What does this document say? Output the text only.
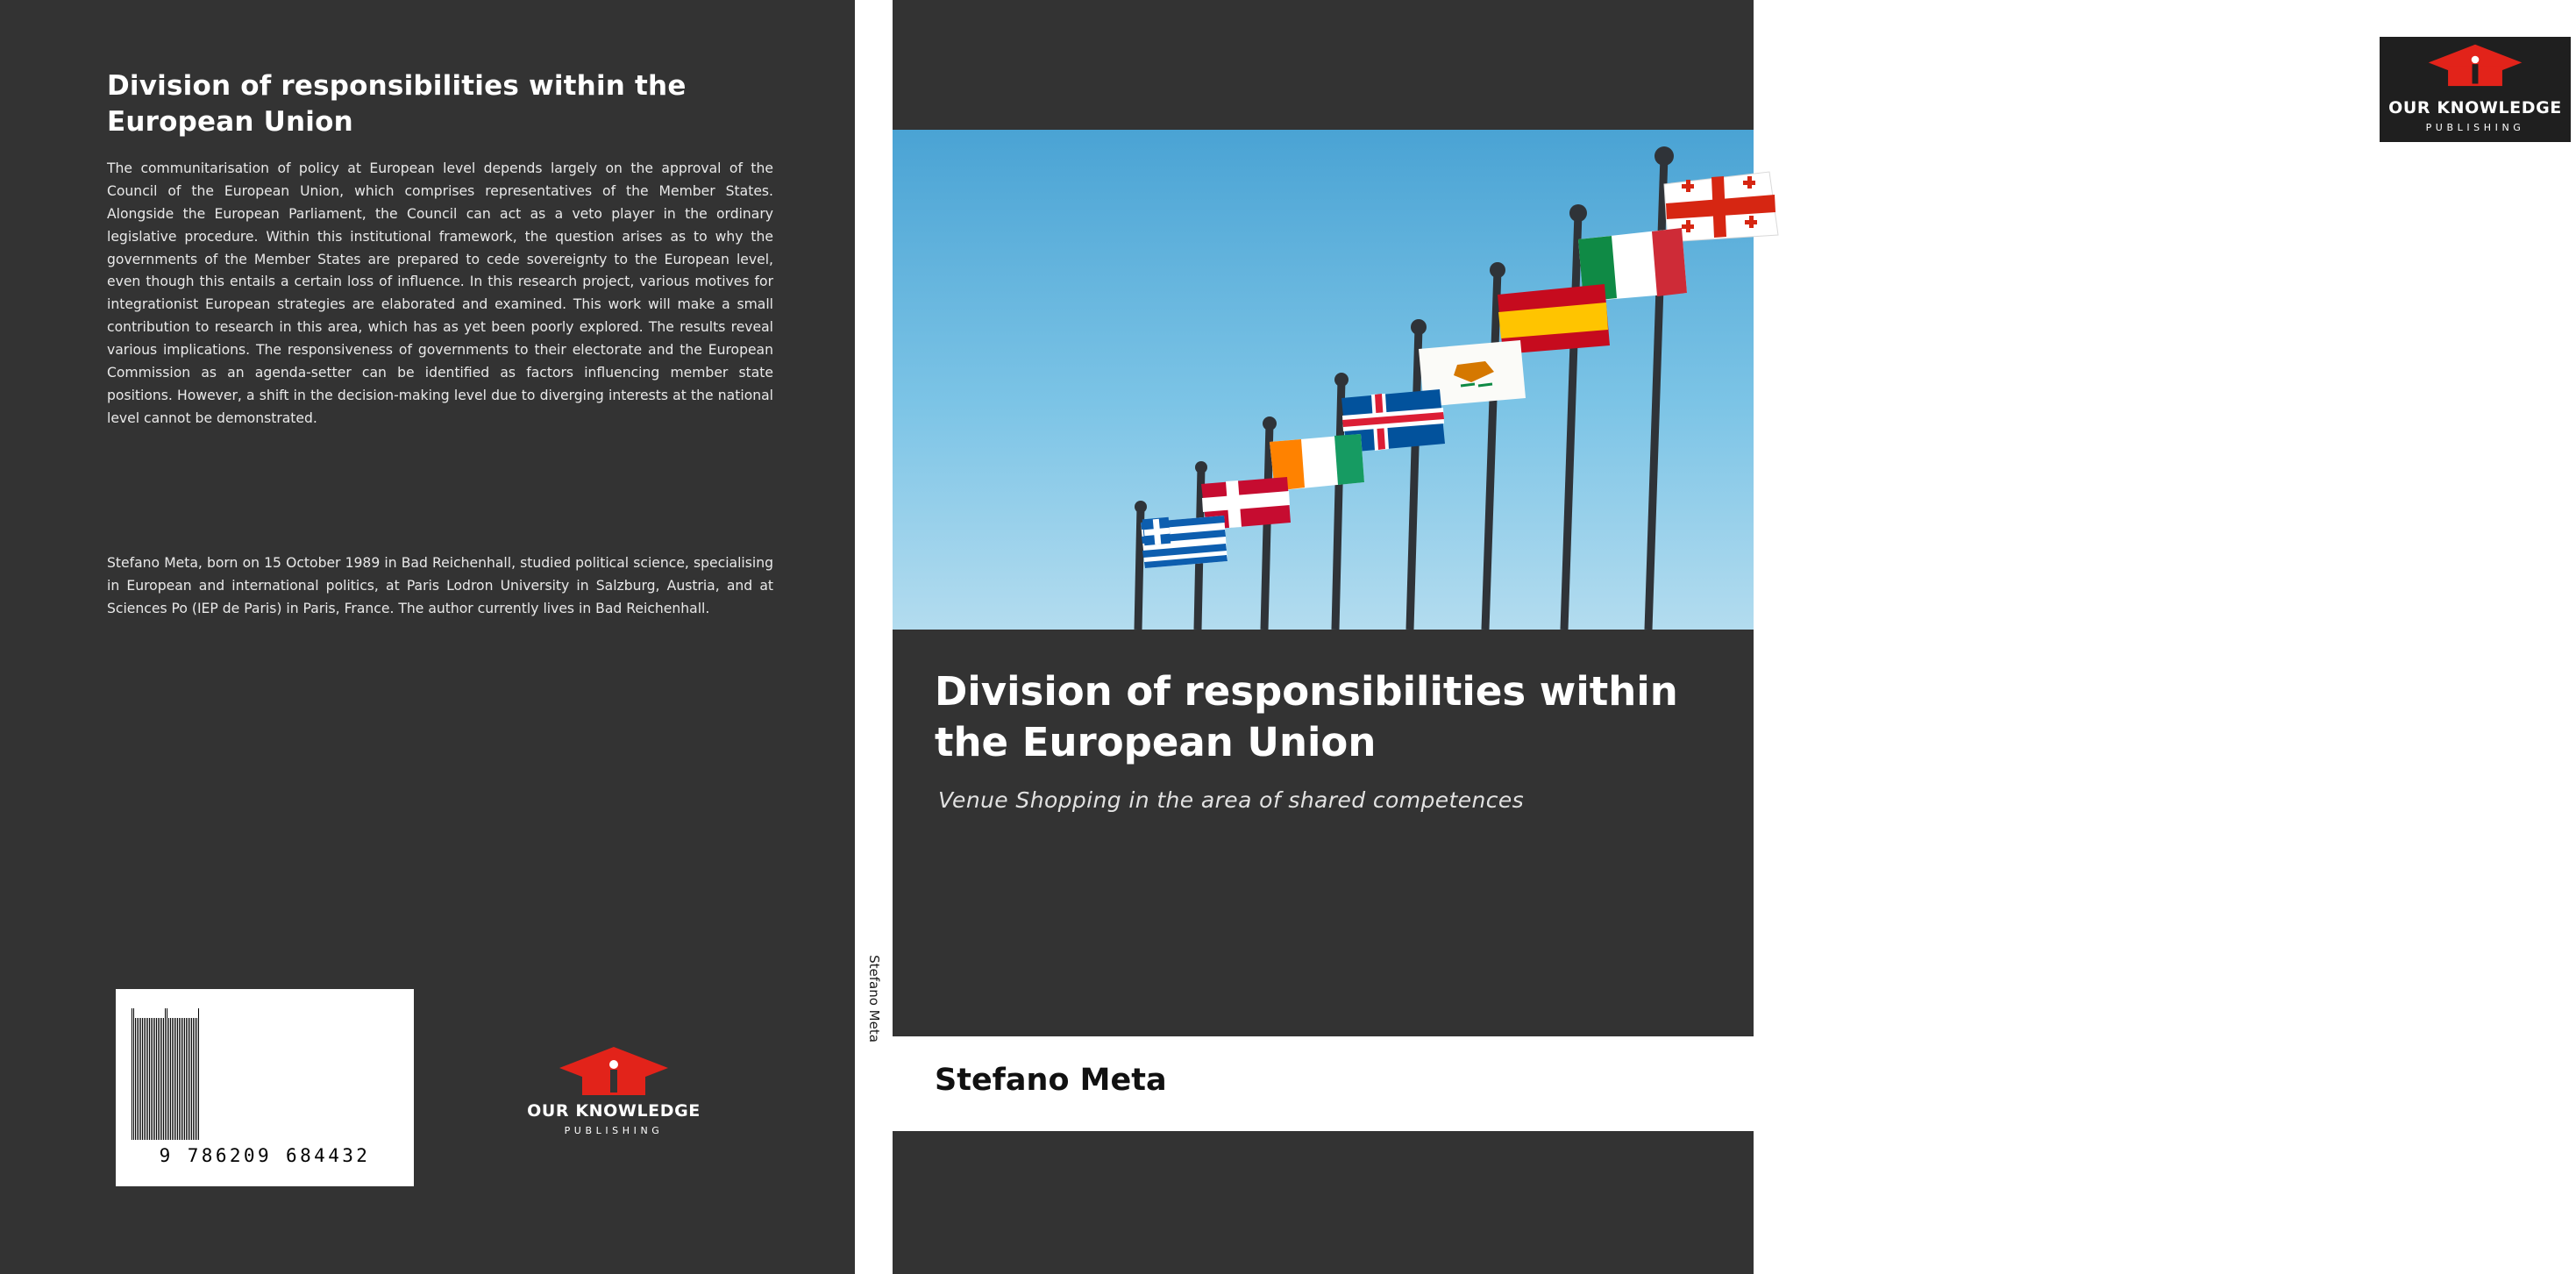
Division of responsibilities within the European Union
The communitarisation of policy at European level depends largely on the approval of the Council of the European Union, which comprises representatives of the Member States. Alongside the European Parliament, the Council can act as a veto player in the ordinary legislative procedure. Within this institutional framework, the question arises as to why the governments of the Member States are prepared to cede sovereignty to the European level, even though this entails a certain loss of influence. In this research project, various motives for integrationist European strategies are elaborated and examined. This work will make a small contribution to research in this area, which has as yet been poorly explored. The results reveal various implications. The responsiveness of governments to their electorate and the European Commission as an agenda-setter can be identified as factors influencing member state positions. However, a shift in the decision-making level due to diverging interests at the national level cannot be demonstrated.
Stefano Meta, born on 15 October 1989 in Bad Reichenhall, studied political science, specialising in European and international politics, at Paris Lodron University in Salzburg, Austria, and at Sciences Po (IEP de Paris) in Paris, France. The author currently lives in Bad Reichenhall.
9 786209 684432
OUR KNOWLEDGE
PUBLISHING
Stefano Meta
OUR KNOWLEDGE
PUBLISHING
Division of responsibilities within the European Union
Venue Shopping in the area of shared competences
Stefano Meta
